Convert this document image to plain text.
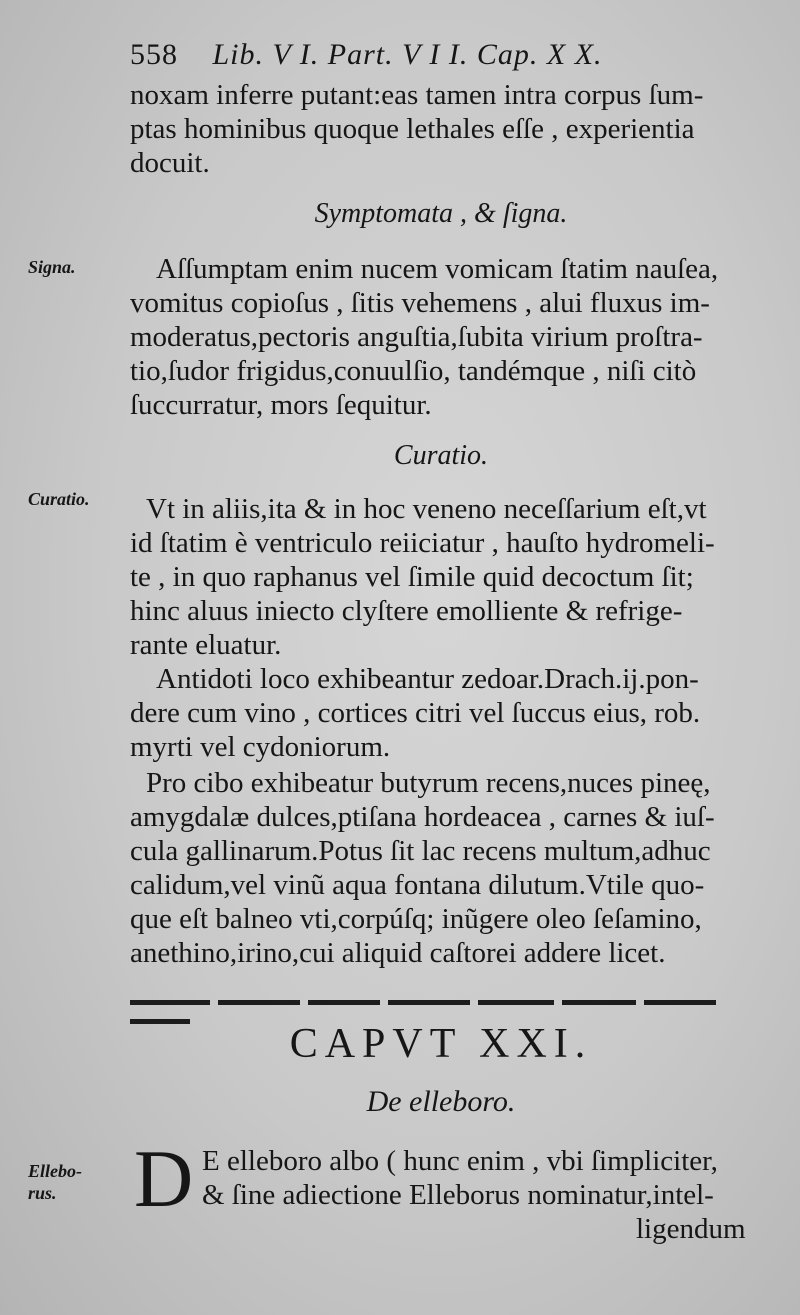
558 Lib. V I. Part. V I I. Cap. X X.
noxam inferre putant:eas tamen intra corpus ſum-
ptas hominibus quoque lethales eſſe , experientia
docuit.
Symptomata , & ſigna.
Aſſumptam enim nucem vomicam ſtatim nauſea,
vomitus copioſus , ſitis vehemens , alui fluxus im-
moderatus,pectoris anguſtia,ſubita virium proſtra-
tio,ſudor frigidus,conuulſio, tandémque , niſi citò
ſuccurratur, mors ſequitur.
Signa.
Curatio.
Vt in aliis,ita & in hoc veneno neceſſarium eſt,vt
id ſtatim è ventriculo reiiciatur , hauſto hydromeli-
te , in quo raphanus vel ſimile quid decoctum ſit;
hinc aluus iniecto clyſtere emolliente & refrige-
rante eluatur.
Antidoti loco exhibeantur zedoar.Drach.ij.pon-
dere cum vino , cortices citri vel ſuccus eius, rob.
myrti vel cydoniorum.
Pro cibo exhibeatur butyrum recens,nuces pineę,
amygdalæ dulces,ptiſana hordeacea , carnes & iuſ-
cula gallinarum.Potus ſit lac recens multum,adhuc
calidum,vel vinũ aqua fontana dilutum.Vtile quo-
que eſt balneo vti,corpúſq; inũgere oleo ſeſamino,
anethino,irino,cui aliquid caſtorei addere licet.
Curatio.
CAPVT XXI.
De elleboro.
D E elleboro albo ( hunc enim , vbi ſimpliciter,
& ſine adiectione Elleborus nominatur,intel-
ligendum
Ellebo-
rus.
